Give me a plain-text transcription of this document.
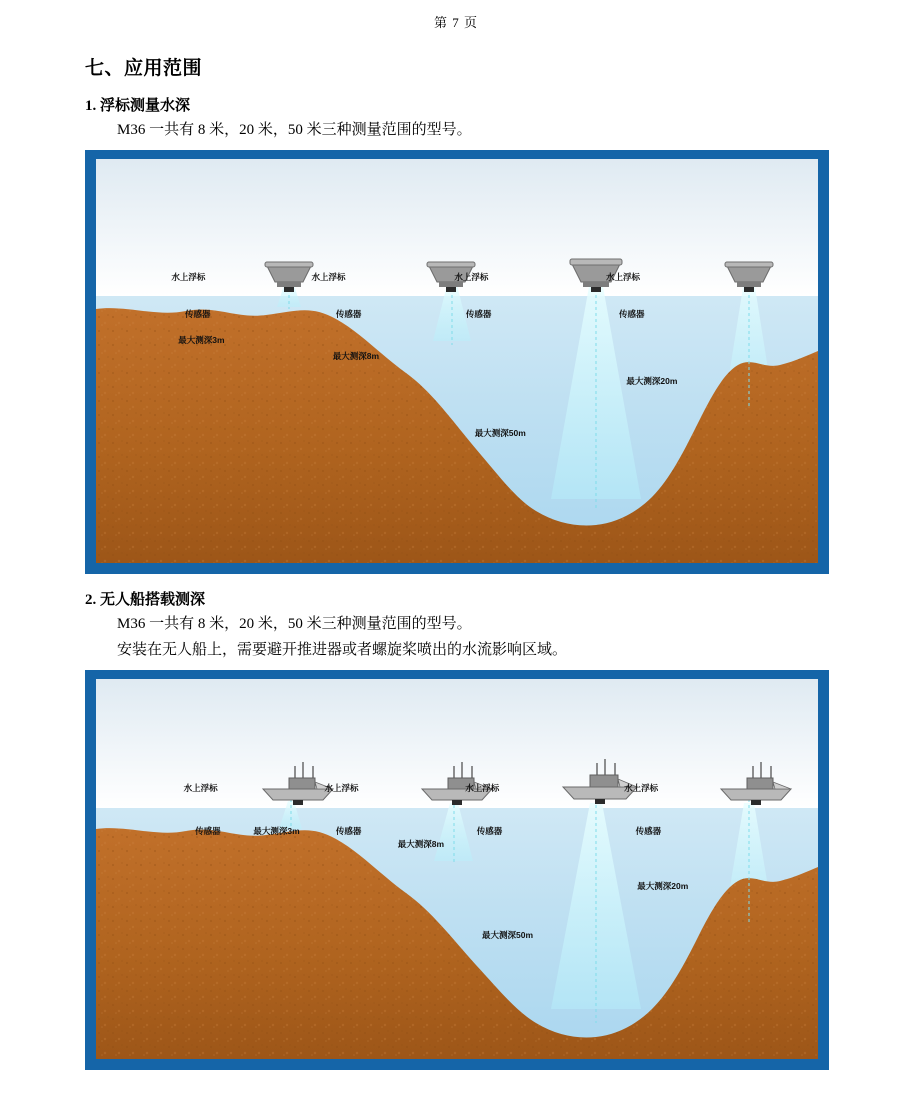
第 7 页
七、应用范围
1. 浮标测量水深
M36 一共有 8 米，20 米，50 米三种测量范围的型号。
水上浮标
传感器
最大测深3m
水上浮标
传感器
最大测深8m
水上浮标
传感器
最大测深50m
水上浮标
传感器
最大测深20m
2. 无人船搭载测深
M36 一共有 8 米，20 米，50 米三种测量范围的型号。
安装在无人船上，需要避开推进器或者螺旋桨喷出的水流影响区域。
水上浮标
传感器	最大测深3m
水上浮标
传感器
最大测深8m
水上浮标
传感器
最大测深50m
水上浮标
传感器
最大测深20m
